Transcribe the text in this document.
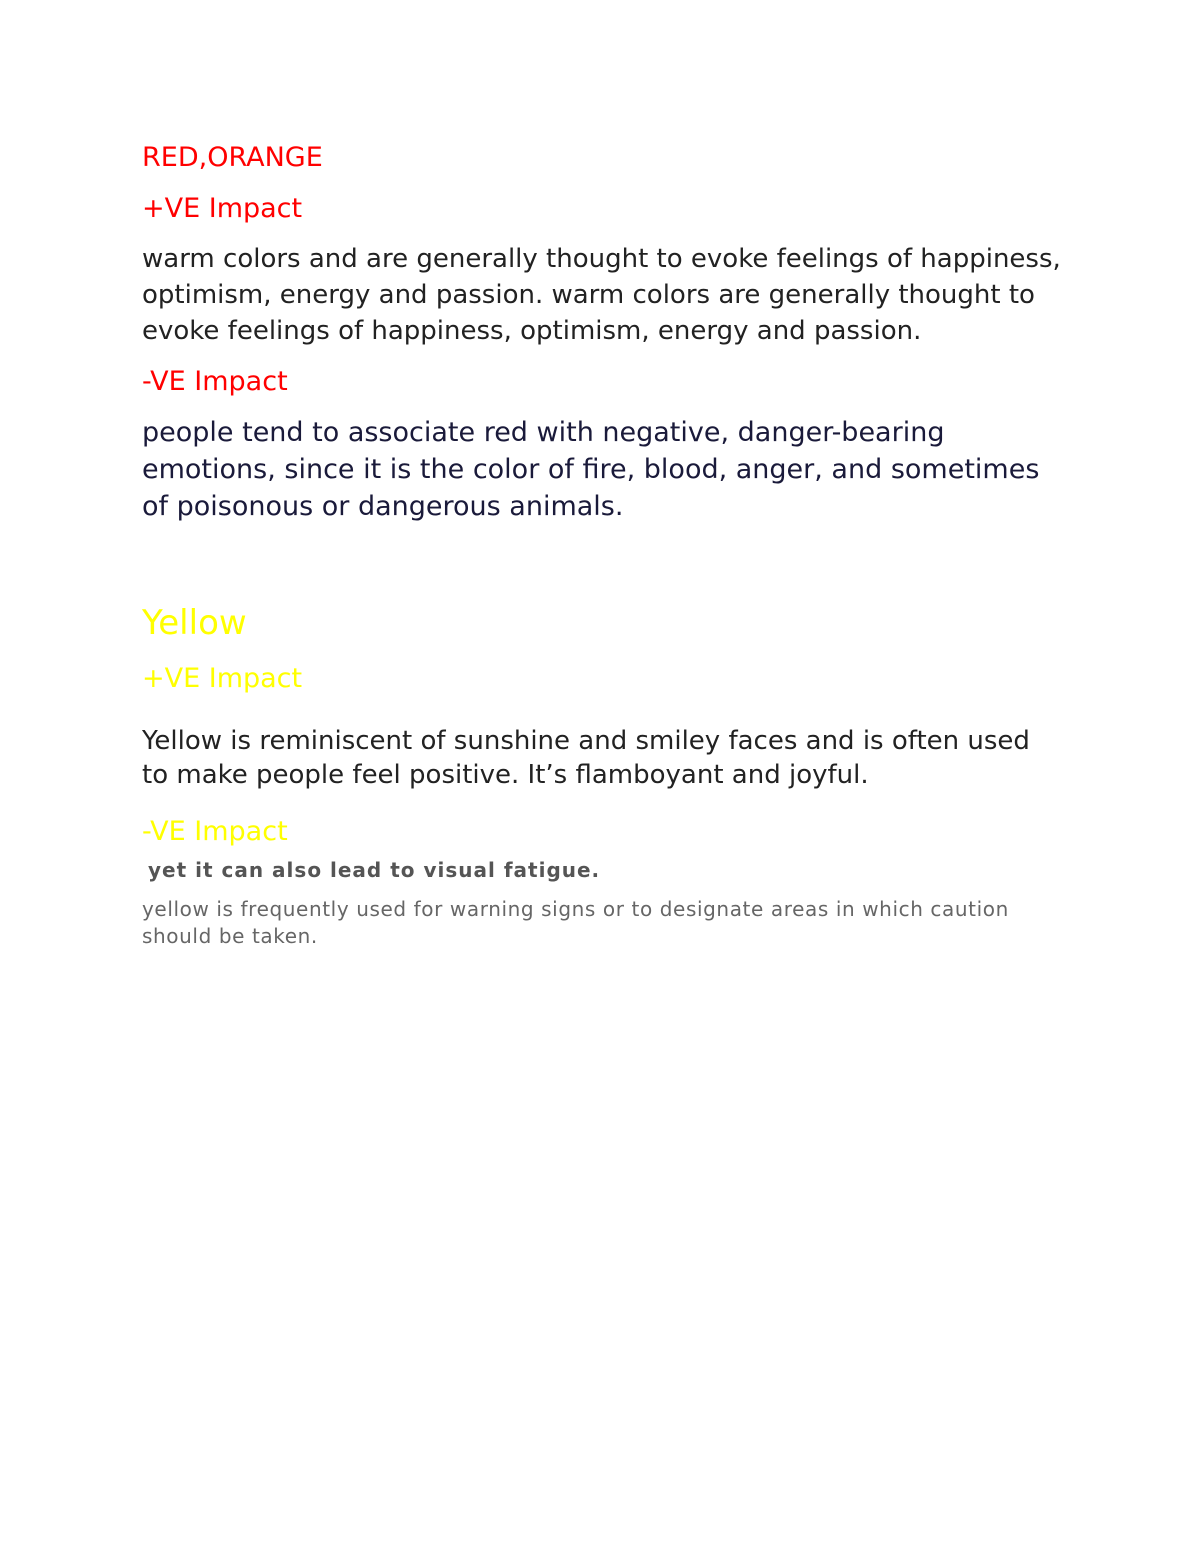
RED,ORANGE

+VE Impact

warm colors and are generally thought to evoke feelings of happiness, optimism, energy and passion. warm colors are generally thought to evoke feelings of happiness, optimism, energy and passion.

-VE Impact

people tend to associate red with negative, danger-bearing emotions, since it is the color of fire, blood, anger, and sometimes of poisonous or dangerous animals.

Yellow

+VE Impact

Yellow is reminiscent of sunshine and smiley faces and is often used to make people feel positive. It’s flamboyant and joyful.

-VE Impact

yet it can also lead to visual fatigue.

yellow is frequently used for warning signs or to designate areas in which caution should be taken.
